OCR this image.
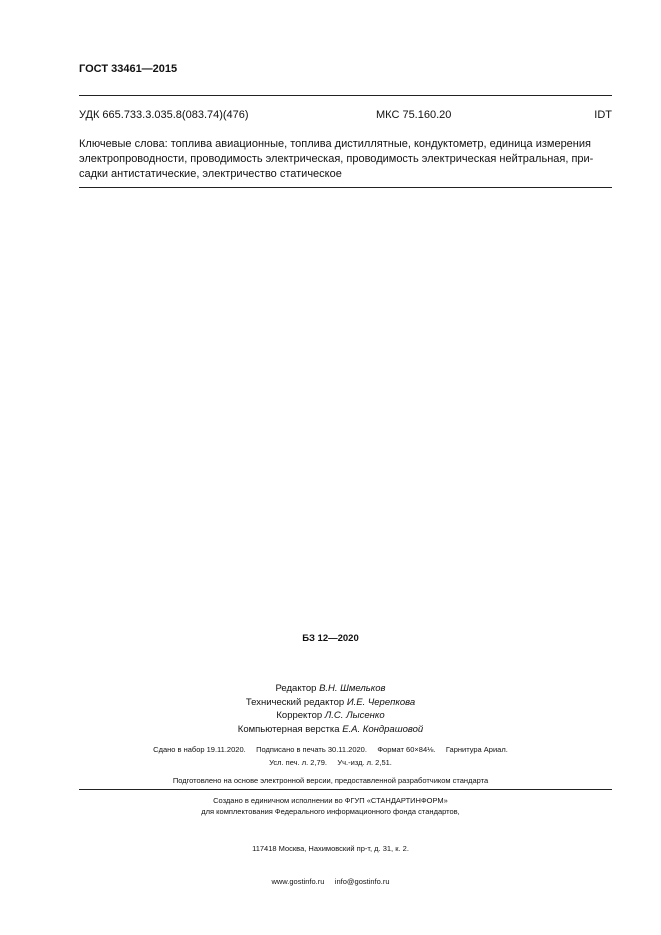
ГОСТ 33461—2015
УДК 665.733.3.035.8(083.74)(476)	МКС 75.160.20	IDT
Ключевые слова: топлива авиационные, топлива дистиллятные, кондуктометр, единица измерения
электропроводности, проводимость электрическая, проводимость электрическая нейтральная, при-
садки антистатические, электричество статическое
БЗ 12—2020
Редактор В.Н. Шмельков
Технический редактор И.Е. Черепкова
Корректор Л.С. Лысенко
Компьютерная верстка Е.А. Кондрашовой
Сдано в набор 19.11.2020.     Подписано в печать 30.11.2020.     Формат 60×84⅛.     Гарнитура Ариал.
Усл. печ. л. 2,79.     Уч.-изд. л. 2,51.
Подготовлено на основе электронной версии, предоставленной разработчиком стандарта
Создано в единичном исполнении во ФГУП «СТАНДАРТИНФОРМ»
для комплектования Федерального информационного фонда стандартов,

117418 Москва, Нахимовский пр-т, д. 31, к. 2.

www.gostinfo.ru     info@gostinfo.ru
